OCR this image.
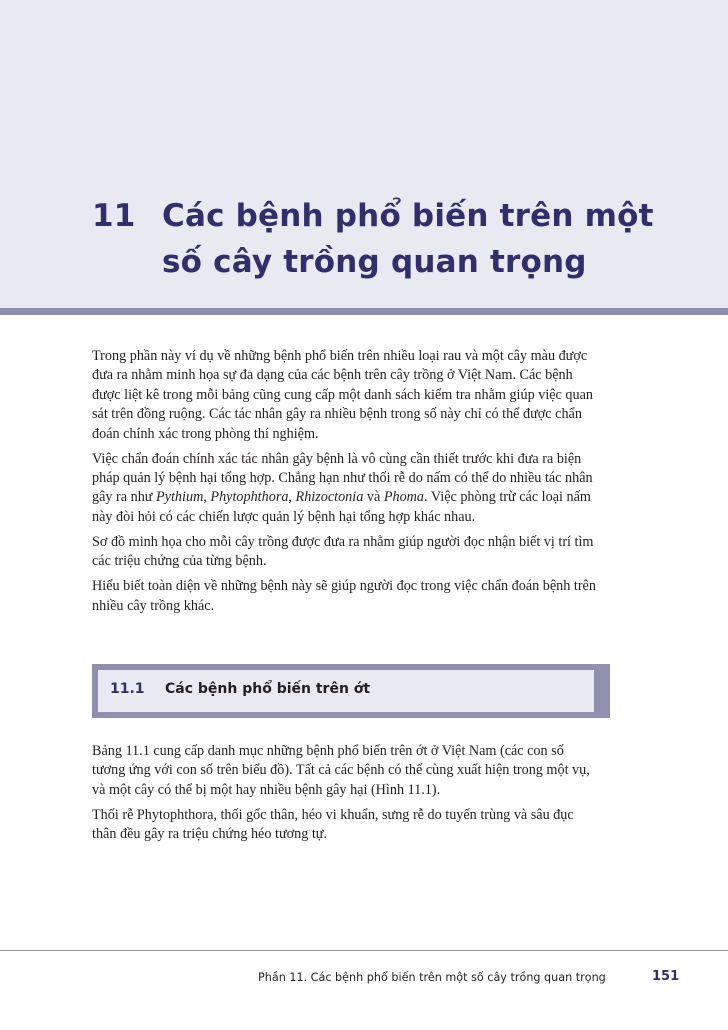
11 Các bệnh phổ biến trên một số cây trồng quan trọng

Trong phần này ví dụ về những bệnh phổ biến trên nhiều loại rau và một cây màu được đưa ra nhằm minh họa sự đa dạng của các bệnh trên cây trồng ở Việt Nam. Các bệnh được liệt kê trong mỗi bảng cũng cung cấp một danh sách kiểm tra nhằm giúp việc quan sát trên đồng ruộng. Các tác nhân gây ra nhiều bệnh trong số này chỉ có thể được chẩn đoán chính xác trong phòng thí nghiệm.

Việc chẩn đoán chính xác tác nhân gây bệnh là vô cùng cần thiết trước khi đưa ra biện pháp quản lý bệnh hại tổng hợp. Chẳng hạn như thối rễ do nấm có thể do nhiều tác nhân gây ra như Pythium, Phytophthora, Rhizoctonia và Phoma. Việc phòng trừ các loại nấm này đòi hỏi có các chiến lược quản lý bệnh hại tổng hợp khác nhau.

Sơ đồ minh họa cho mỗi cây trồng được đưa ra nhằm giúp người đọc nhận biết vị trí tìm các triệu chứng của từng bệnh.

Hiểu biết toàn diện về những bệnh này sẽ giúp người đọc trong việc chẩn đoán bệnh trên nhiều cây trồng khác.

11.1 Các bệnh phổ biến trên ớt

Bảng 11.1 cung cấp danh mục những bệnh phổ biến trên ớt ở Việt Nam (các con số tương ứng với con số trên biểu đồ). Tất cả các bệnh có thể cùng xuất hiện trong một vụ, và một cây có thể bị một hay nhiều bệnh gây hại (Hình 11.1).

Thối rễ Phytophthora, thối gốc thân, héo vi khuẩn, sưng rễ do tuyến trùng và sâu đục thân đều gây ra triệu chứng héo tương tự.

Phần 11. Các bệnh phổ biến trên một số cây trồng quan trọng	151
